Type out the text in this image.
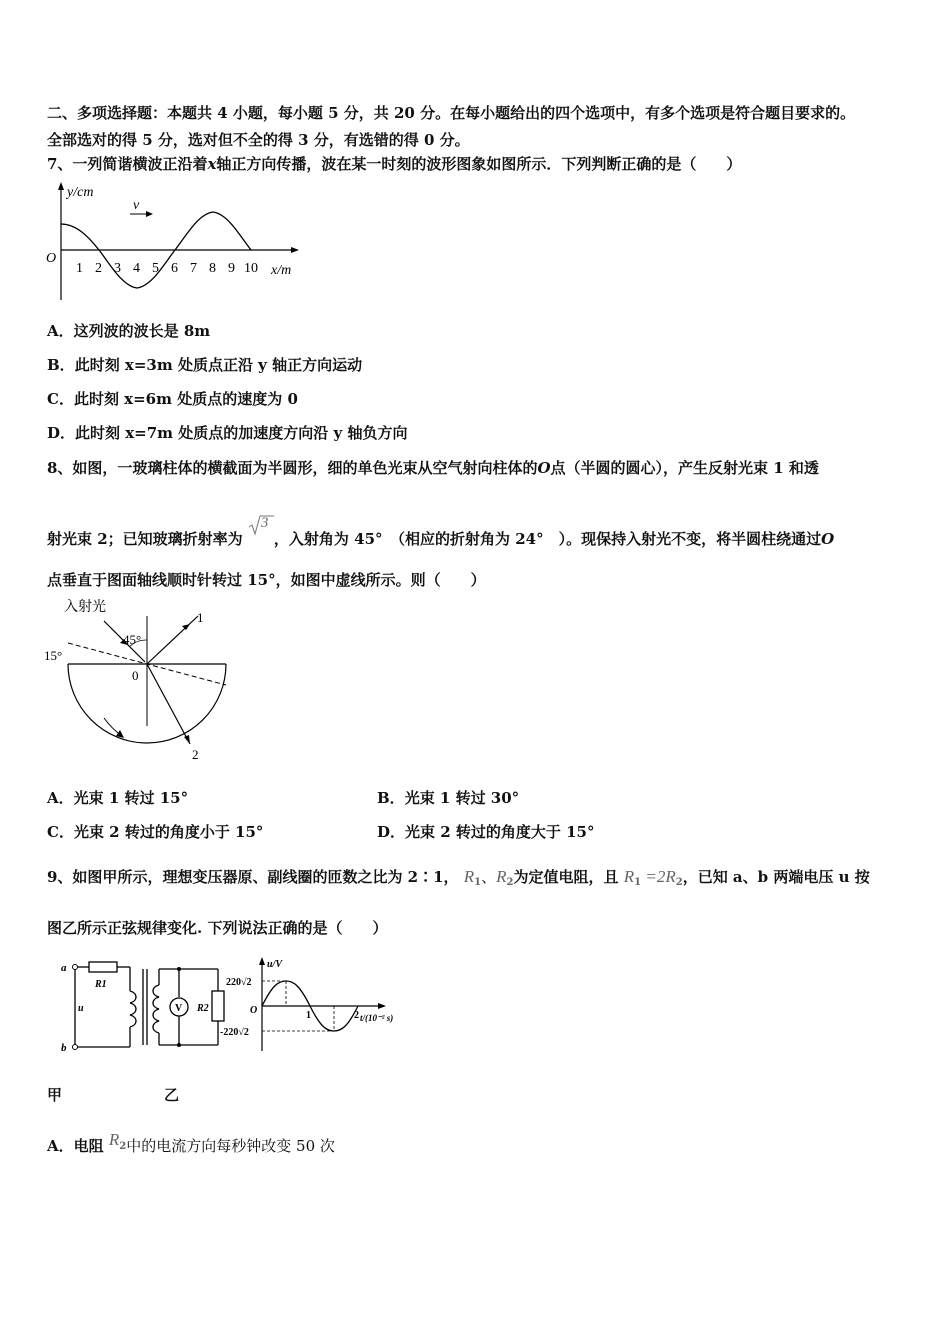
二、多项选择题：本题共 4 小题，每小题 5 分，共 20 分。在每小题给出的四个选项中，有多个选项是符合题目要求的。
全部选对的得 5 分，选对但不全的得 3 分，有选错的得 0 分。
7、一列简谐横波正沿着x轴正方向传播，波在某一时刻的波形图象如图所示．下列判断正确的是（　　）
v
y/cm
O
x/m
1 2 3 4 5 6 7 8 9 10
A．这列波的波长是 8m
B．此时刻 x=3m 处质点正沿 y 轴正方向运动
C．此时刻 x=6m 处质点的速度为 0
D．此时刻 x=7m 处质点的加速度方向沿 y 轴负方向
8、如图，一玻璃柱体的横截面为半圆形，细的单色光束从空气射向柱体的O点（半圆的圆心），产生反射光束 1 和透
射光束 2；已知玻璃折射率为
3
，入射角为 45°　（相应的折射角为 24°　）。现保持入射光不变，将半圆柱绕通过O
点垂直于图面轴线顺时针转过 15°，如图中虚线所示。则（　　）
入射光
45°
15°
0
1
2
A．光束 1 转过 15°	B．光束 1 转过 30°
C．光束 2 转过的角度小于 15°	D．光束 2 转过的角度大于 15°
9、如图甲所示，理想变压器原、副线圈的匝数之比为 2∶1， $R_1$、$R_2$为定值电阻，且 $R_1 =2R_2$，已知 a、b 两端电压 u 按
图乙所示正弦规律变化. 下列说法正确的是（　　）
a
b
u
R1
V R2
u/V
220√2
-220√2
O	1	2 t/(10⁻² s)
甲	乙
A．电阻 $R^2$中的电流方向每秒钟改变 50 次
